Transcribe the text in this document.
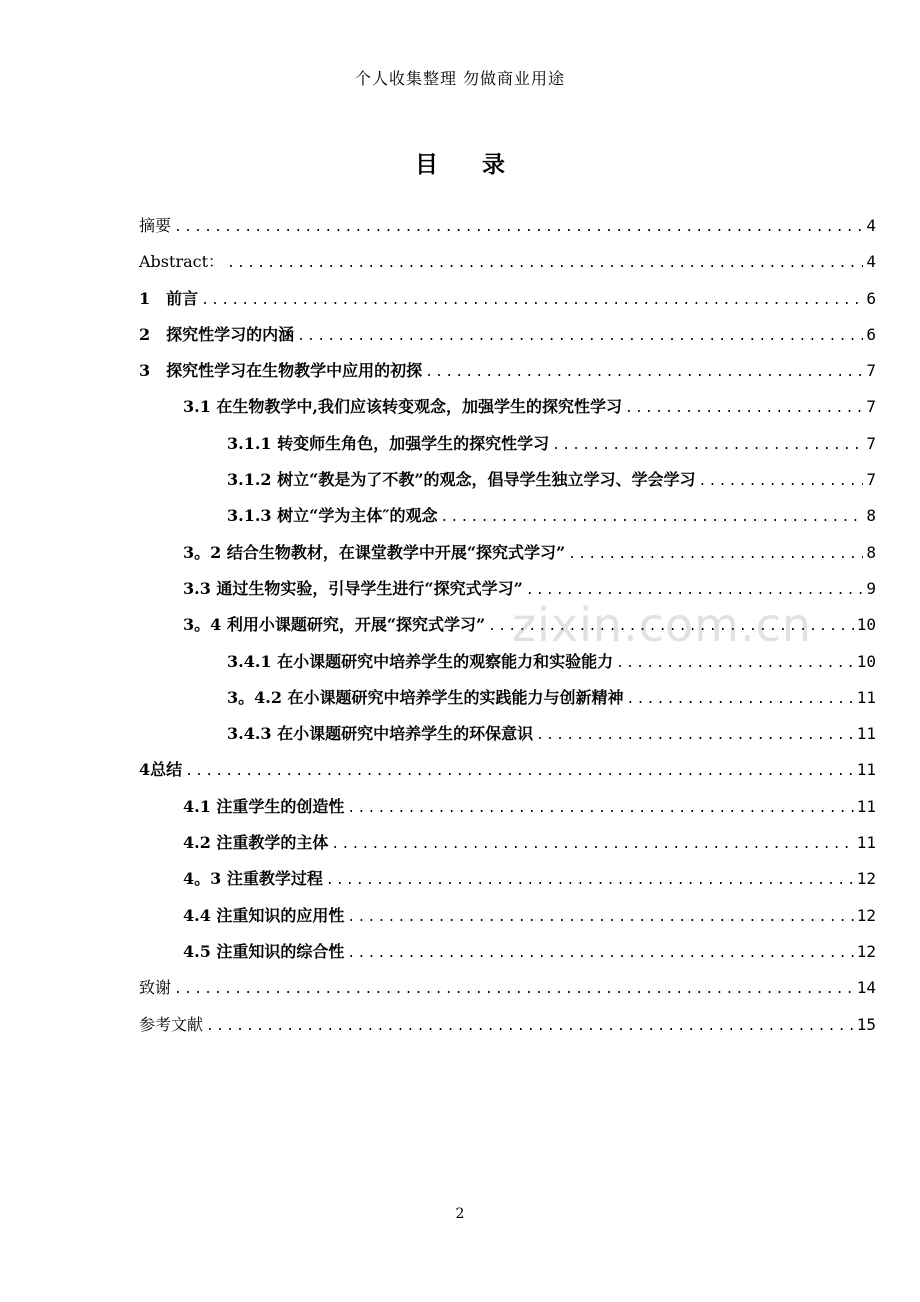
个人收集整理 勿做商业用途
目录
摘要 .....	4
Abstract： .....	4
1　前言 .....	6
2　探究性学习的内涵 .....	6
3　探究性学习在生物教学中应用的初探 .....	7
3.1 在生物教学中,我们应该转变观念，加强学生的探究性学习 .....	7
3.1.1 转变师生角色，加强学生的探究性学习 .....	7
3.1.2 树立“教是为了不教”的观念，倡导学生独立学习、学会学习 .....	7
3.1.3 树立“学为主体″的观念 .....	8
3。2 结合生物教材，在课堂教学中开展“探究式学习” .....	8
3.3 通过生物实验，引导学生进行“探究式学习” .....	9
3。4 利用小课题研究，开展“探究式学习” .....	10
3.4.1 在小课题研究中培养学生的观察能力和实验能力 .....	10
3。4.2 在小课题研究中培养学生的实践能力与创新精神 .....	11
3.4.3 在小课题研究中培养学生的环保意识 .....	11
4总结 .....	11
4.1 注重学生的创造性 .....	11
4.2 注重教学的主体 .....	11
4。3 注重教学过程 .....	12
4.4 注重知识的应用性 .....	12
4.5 注重知识的综合性 .....	12
致谢 .....	14
参考文献 .....	15
zixin.com.cn
2
